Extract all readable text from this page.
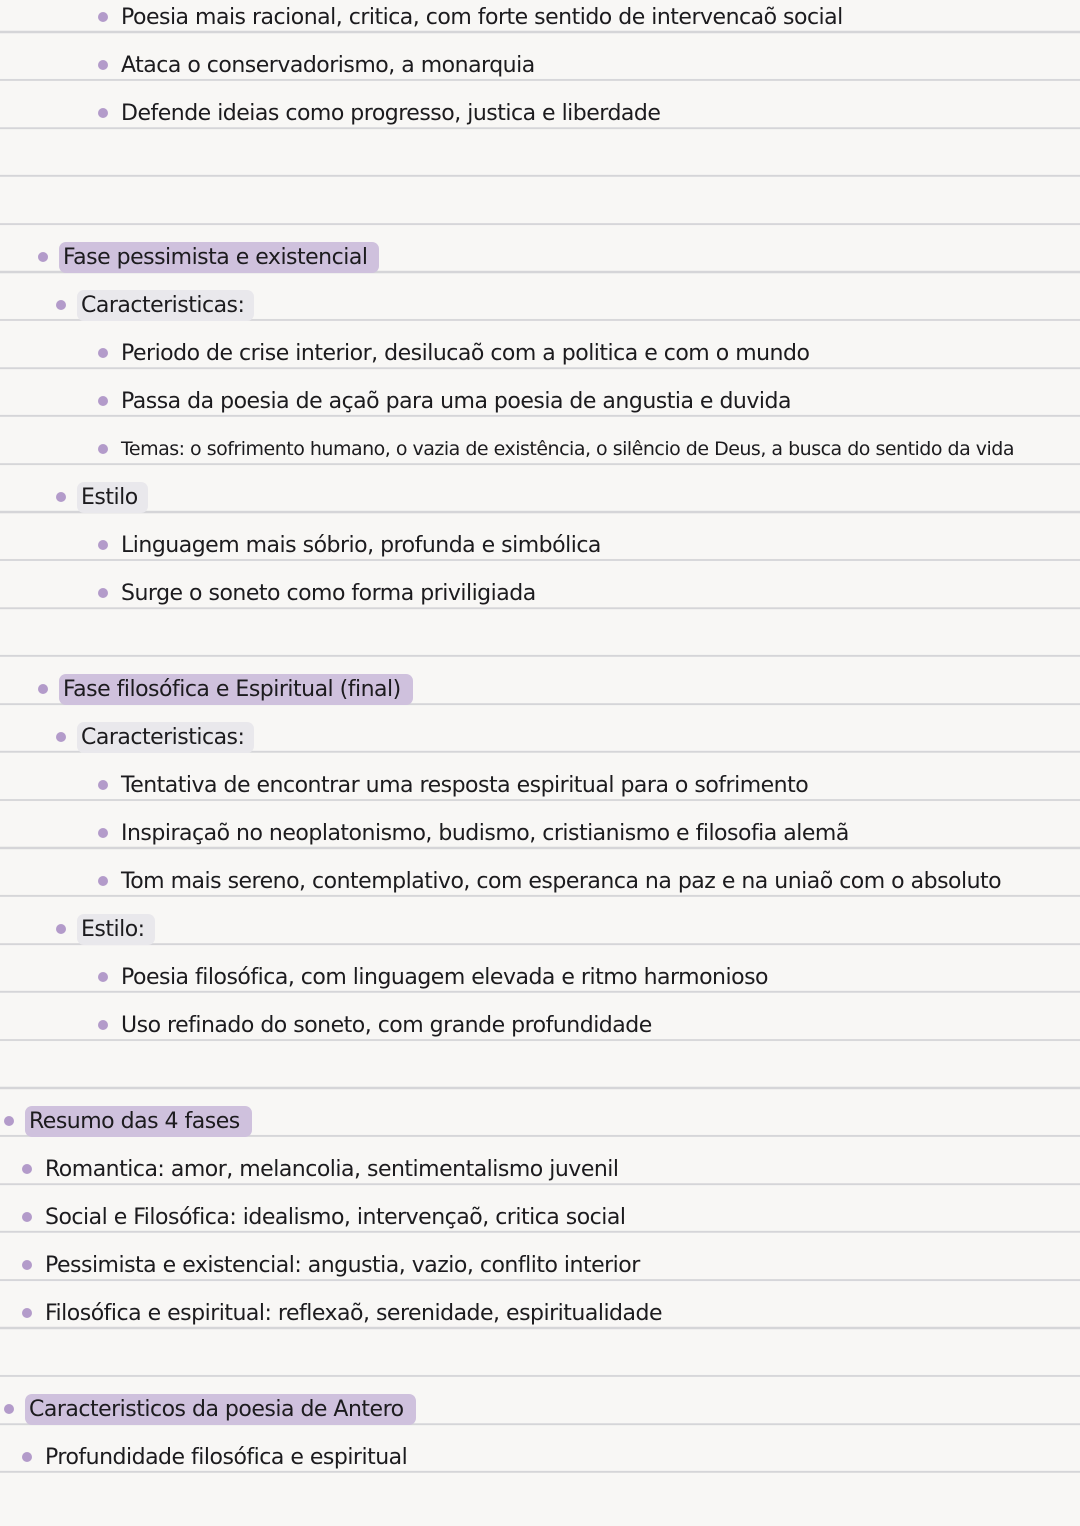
Poesia mais racional, critica, com forte sentido de intervencaõ social
Ataca o conservadorismo, a monarquia
Defende ideias como progresso, justica e liberdade
Fase pessimista e existencial
Caracteristicas:
Periodo de crise interior, desilucaõ com a politica e com o mundo
Passa da poesia de açaõ para uma poesia de angustia e duvida
Temas: o sofrimento humano, o vazia de existência, o silêncio de Deus, a busca do sentido da vida
Estilo
Linguagem mais sóbrio, profunda e simbólica
Surge o soneto como forma priviligiada
Fase filosófica e Espiritual (final)
Caracteristicas:
Tentativa de encontrar uma resposta espiritual para o sofrimento
Inspiraçaõ no neoplatonismo, budismo, cristianismo e filosofia alemã
Tom mais sereno, contemplativo, com esperanca na paz e na uniaõ com o absoluto
Estilo:
Poesia filosófica, com linguagem elevada e ritmo harmonioso
Uso refinado do soneto, com grande profundidade
Resumo das 4 fases
Romantica: amor, melancolia, sentimentalismo juvenil
Social e Filosófica: idealismo, intervençaõ, critica social
Pessimista e existencial: angustia, vazio, conflito interior
Filosófica e espiritual: reflexaõ, serenidade, espiritualidade
Caracteristicos da poesia de Antero
Profundidade filosófica e espiritual
